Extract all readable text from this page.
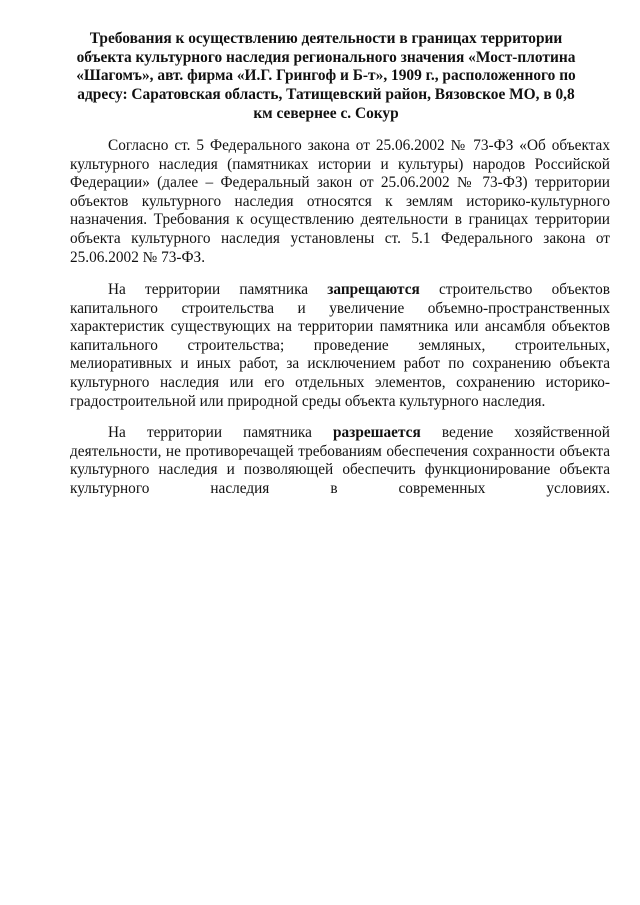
Требования к осуществлению деятельности в границах территории объекта культурного наследия регионального значения «Мост-плотина «Шагомъ», авт. фирма «И.Г. Грингоф и Б-т», 1909 г., расположенного по адресу: Саратовская область, Татищевский район, Вязовское МО, в 0,8 км севернее с. Сокур

Согласно ст. 5 Федерального закона от 25.06.2002 № 73-ФЗ «Об объектах культурного наследия (памятниках истории и культуры) народов Российской Федерации» (далее – Федеральный закон от 25.06.2002 № 73-ФЗ) территории объектов культурного наследия относятся к землям историко-культурного назначения. Требования к осуществлению деятельности в границах территории объекта культурного наследия установлены ст. 5.1 Федерального закона от 25.06.2002 № 73-ФЗ.

На территории памятника запрещаются строительство объектов капитального строительства и увеличение объемно-пространственных характеристик существующих на территории памятника или ансамбля объектов капитального строительства; проведение земляных, строительных, мелиоративных и иных работ, за исключением работ по сохранению объекта культурного наследия или его отдельных элементов, сохранению историко-градостроительной или природной среды объекта культурного наследия.

На территории памятника разрешается ведение хозяйственной деятельности, не противоречащей требованиям обеспечения сохранности объекта культурного наследия и позволяющей обеспечить функционирование объекта культурного наследия в современных условиях.
